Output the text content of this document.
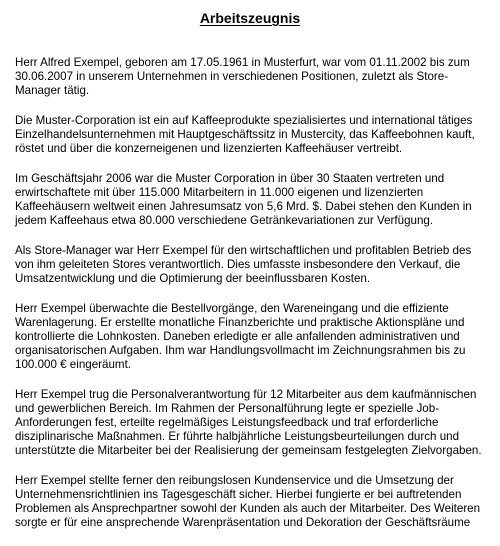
Arbeitszeugnis
Herr Alfred Exempel, geboren am 17.05.1961 in Musterfurt, war vom 01.11.2002 bis zum
30.06.2007 in unserem Unternehmen in verschiedenen Positionen, zuletzt als Store-
Manager tätig.
Die Muster-Corporation ist ein auf Kaffeeprodukte spezialisiertes und international tätiges
Einzelhandelsunternehmen mit Hauptgeschäftssitz in Mustercity, das Kaffeebohnen kauft,
röstet und über die konzerneigenen und lizenzierten Kaffeehäuser vertreibt.
Im Geschäftsjahr 2006 war die Muster Corporation in über 30 Staaten vertreten und
erwirtschaftete mit über 115.000 Mitarbeitern in 11.000 eigenen und lizenzierten
Kaffeehäusern weltweit einen Jahresumsatz von 5,6 Mrd. $. Dabei stehen den Kunden in
jedem Kaffeehaus etwa 80.000 verschiedene Getränkevariationen zur Verfügung.
Als Store-Manager war Herr Exempel für den wirtschaftlichen und profitablen Betrieb des
von ihm geleiteten Stores verantwortlich. Dies umfasste insbesondere den Verkauf, die
Umsatzentwicklung und die Optimierung der beeinflussbaren Kosten.
Herr Exempel überwachte die Bestellvorgänge, den Wareneingang und die effiziente
Warenlagerung. Er erstellte monatliche Finanzberichte und praktische Aktionspläne und
kontrollierte die Lohnkosten. Daneben erledigte er alle anfallenden administrativen und
organisatorischen Aufgaben. Ihm war Handlungsvollmacht im Zeichnungsrahmen bis zu
100.000 € eingeräumt.
Herr Exempel trug die Personalverantwortung für 12 Mitarbeiter aus dem kaufmännischen
und gewerblichen Bereich. Im Rahmen der Personalführung legte er spezielle Job-
Anforderungen fest, erteilte regelmäßiges Leistungsfeedback und traf erforderliche
disziplinarische Maßnahmen. Er führte halbjährliche Leistungsbeurteilungen durch und
unterstützte die Mitarbeiter bei der Realisierung der gemeinsam festgelegten Zielvorgaben.
Herr Exempel stellte ferner den reibungslosen Kundenservice und die Umsetzung der
Unternehmensrichtlinien ins Tagesgeschäft sicher. Hierbei fungierte er bei auftretenden
Problemen als Ansprechpartner sowohl der Kunden als auch der Mitarbeiter. Des Weiteren
sorgte er für eine ansprechende Warenpräsentation und Dekoration der Geschäftsräume
